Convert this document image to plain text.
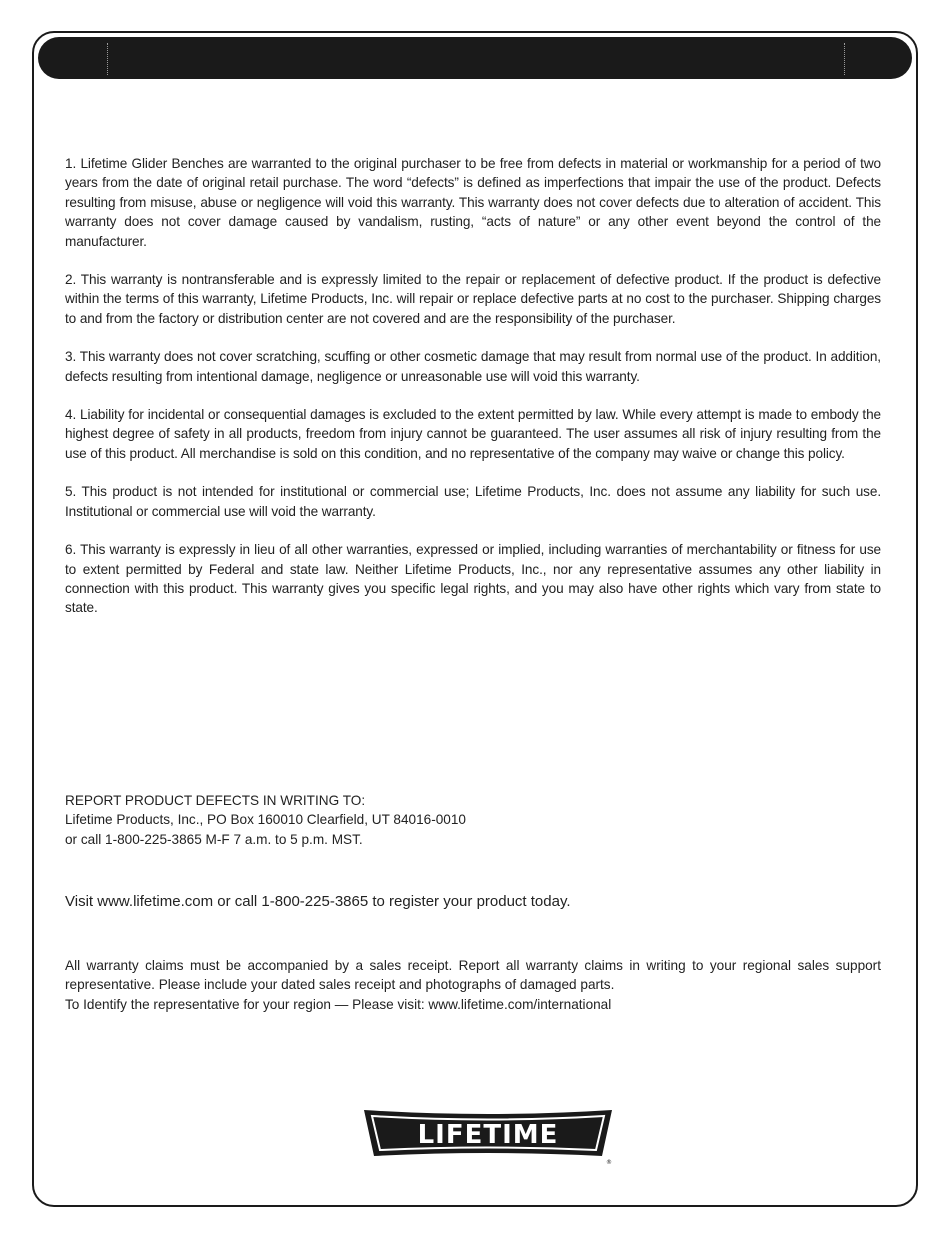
1. Lifetime Glider Benches are warranted to the original purchaser to be free from defects in material or workmanship for a period of two years from the date of original retail purchase. The word “defects” is defined as imperfections that impair the use of the product. Defects resulting from misuse, abuse or negligence will void this warranty. This warranty does not cover defects due to alteration of accident. This warranty does not cover damage caused by vandalism, rusting, “acts of nature” or any other event beyond the control of the manufacturer.

2. This warranty is nontransferable and is expressly limited to the repair or replacement of defective product. If the product is defective within the terms of this warranty, Lifetime Products, Inc. will repair or replace defective parts at no cost to the purchaser. Shipping charges to and from the factory or distribution center are not covered and are the responsibility of the purchaser.

3. This warranty does not cover scratching, scuffing or other cosmetic damage that may result from normal use of the product. In addition, defects resulting from intentional damage, negligence or unreasonable use will void this warranty.

4. Liability for incidental or consequential damages is excluded to the extent permitted by law. While every attempt is made to embody the highest degree of safety in all products, freedom from injury cannot be guaranteed. The user assumes all risk of injury resulting from the use of this product. All merchandise is sold on this condition, and no representative of the company may waive or change this policy.

5. This product is not intended for institutional or commercial use; Lifetime Products, Inc. does not assume any liability for such use. Institutional or commercial use will void the warranty.

6. This warranty is expressly in lieu of all other warranties, expressed or implied, including warranties of merchantability or fitness for use to extent permitted by Federal and state law. Neither Lifetime Products, Inc., nor any representative assumes any other liability in connection with this product. This warranty gives you specific legal rights, and you may also have other rights which vary from state to state.

REPORT PRODUCT DEFECTS IN WRITING TO:
Lifetime Products, Inc., PO Box 160010 Clearfield, UT 84016-0010
or call 1-800-225-3865 M-F 7 a.m. to 5 p.m. MST.
Visit www.lifetime.com or call 1-800-225-3865 to register your product today.
All warranty claims must be accompanied by a sales receipt. Report all warranty claims in writing to your regional sales support representative. Please include your dated sales receipt and photographs of damaged parts.
To Identify the representative for your region — Please visit: www.lifetime.com/international
LIFETIME
®
